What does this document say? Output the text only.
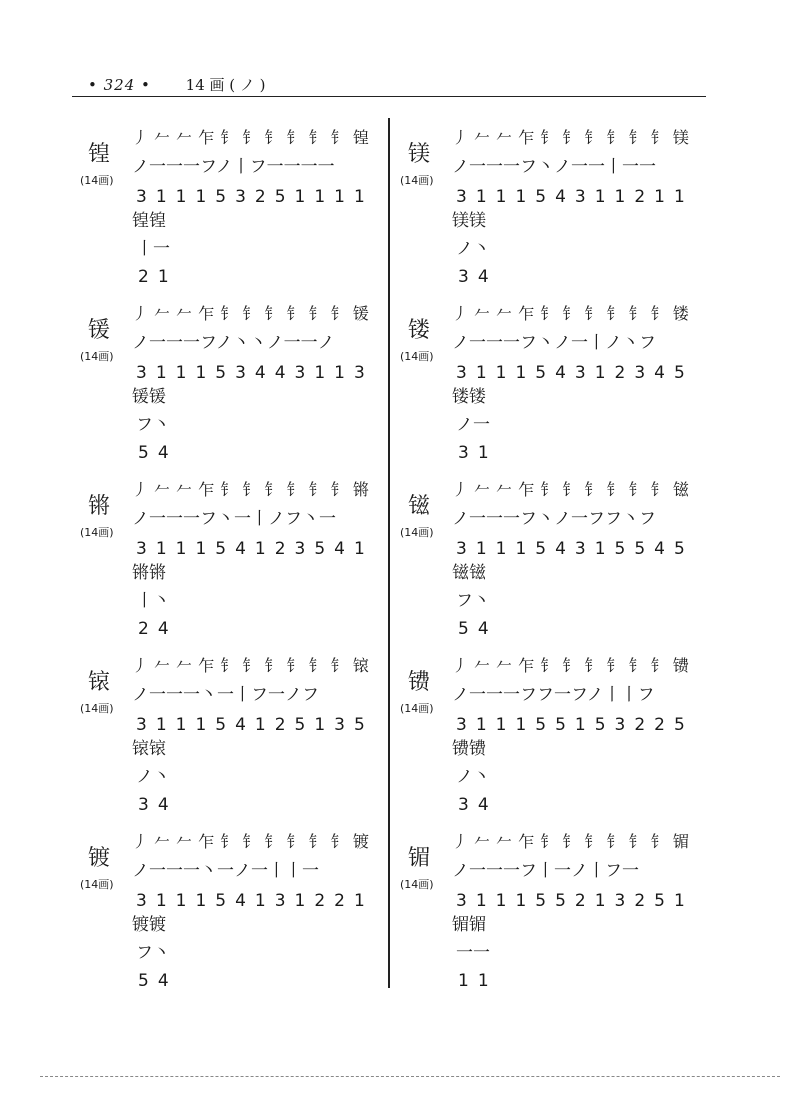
• 324 • 14 画 ( ノ )
锽
(14画)
丿 𠂉 𠂉 乍 钅 钅 钅 钅 钅 钅 锽
ノ一一一フノ丨フ一一一一
311153251111
锽锽
丨一
21
锾
(14画)
丿 𠂉 𠂉 乍 钅 钅 钅 钅 钅 钅 锾
ノ一一一フノ丶丶ノ一一ノ
311153443113
锾锾
フ丶
54
锵
(14画)
丿 𠂉 𠂉 乍 钅 钅 钅 钅 钅 钅 锵
ノ一一一フ丶一丨ノフ丶一
311154123541
锵锵
丨丶
24
锿
(14画)
丿 𠂉 𠂉 乍 钅 钅 钅 钅 钅 钅 锿
ノ一一一丶一丨フ一ノフ
311154125135
锿锿
ノ丶
34
镀
(14画)
丿 𠂉 𠂉 乍 钅 钅 钅 钅 钅 钅 镀
ノ一一一丶一ノ一丨丨一
311154131221
镀镀
フ丶
54
镁
(14画)
丿 𠂉 𠂉 乍 钅 钅 钅 钅 钅 钅 镁
ノ一一一フ丶ノ一一丨一一
311154311211
镁镁
ノ丶
34
镂
(14画)
丿 𠂉 𠂉 乍 钅 钅 钅 钅 钅 钅 镂
ノ一一一フ丶ノ一丨ノ丶フ
311154312345
镂镂
ノ一
31
镃
(14画)
丿 𠂉 𠂉 乍 钅 钅 钅 钅 钅 钅 镃
ノ一一一フ丶ノ一フフ丶フ
311154315545
镃镃
フ丶
54
镄
(14画)
丿 𠂉 𠂉 乍 钅 钅 钅 钅 钅 钅 镄
ノ一一一フフ一フノ丨丨フ
311155153225
镄镄
ノ丶
34
镅
(14画)
丿 𠂉 𠂉 乍 钅 钅 钅 钅 钅 钅 镅
ノ一一一フ丨一ノ丨フ一
311155213251
镅镅
一一
11
